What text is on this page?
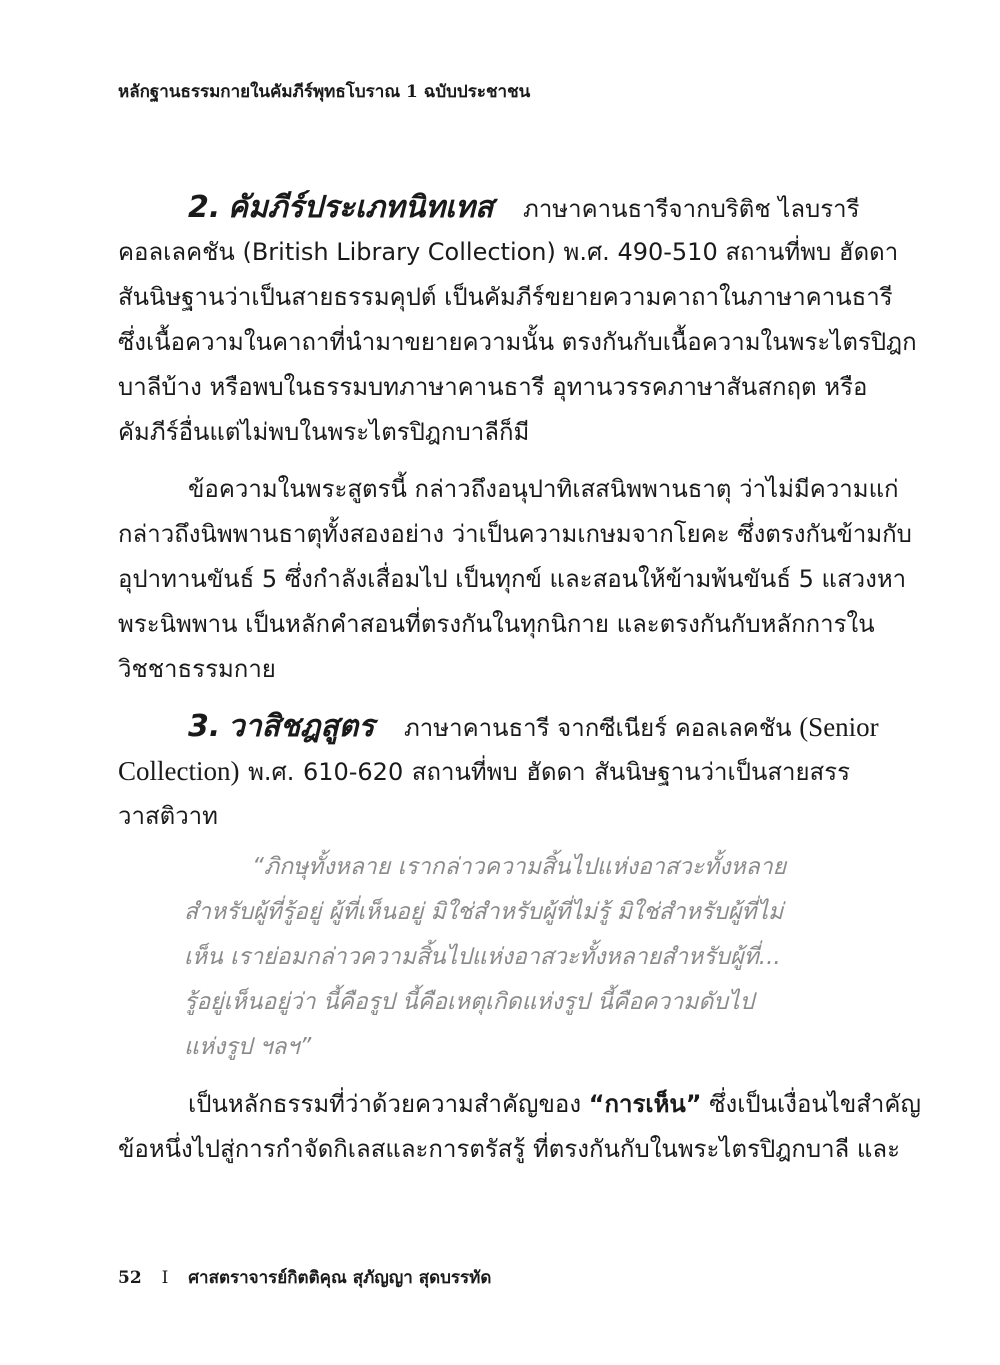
หลักฐานธรรมกายในคัมภีร์พุทธโบราณ 1 ฉบับประชาชน
2. คัมภีร์ประเภทนิทเทส ภาษาคานธารีจากบริติช ไลบรารี
คอลเลคชัน (British Library Collection) พ.ศ. 490-510 สถานที่พบ ฮัดดา
สันนิษฐานว่าเป็นสายธรรมคุปต์ เป็นคัมภีร์ขยายความคาถาในภาษาคานธารี
ซึ่งเนื้อความในคาถาที่นำมาขยายความนั้น ตรงกันกับเนื้อความในพระไตรปิฎก
บาลีบ้าง หรือพบในธรรมบทภาษาคานธารี อุทานวรรคภาษาสันสกฤต หรือ
คัมภีร์อื่นแต่ไม่พบในพระไตรปิฎกบาลีก็มี
ข้อความในพระสูตรนี้ กล่าวถึงอนุปาทิเสสนิพพานธาตุ ว่าไม่มีความแก่
กล่าวถึงนิพพานธาตุทั้งสองอย่าง ว่าเป็นความเกษมจากโยคะ ซึ่งตรงกันข้ามกับ
อุปาทานขันธ์ 5 ซึ่งกำลังเสื่อมไป เป็นทุกข์ และสอนให้ข้ามพ้นขันธ์ 5 แสวงหา
พระนิพพาน เป็นหลักคำสอนที่ตรงกันในทุกนิกาย และตรงกันกับหลักการใน
วิชชาธรรมกาย
3. วาสิชฎสูตร ภาษาคานธารี จากซีเนียร์ คอลเลคชัน (Senior
Collection) พ.ศ. 610-620 สถานที่พบ ฮัดดา สันนิษฐานว่าเป็นสายสรร
วาสติวาท
“ภิกษุทั้งหลาย เรากล่าวความสิ้นไปแห่งอาสวะทั้งหลาย
สำหรับผู้ที่รู้อยู่ ผู้ที่เห็นอยู่ มิใช่สำหรับผู้ที่ไม่รู้ มิใช่สำหรับผู้ที่ไม่
เห็น เราย่อมกล่าวความสิ้นไปแห่งอาสวะทั้งหลายสำหรับผู้ที่...
รู้อยู่เห็นอยู่ว่า นี้คือรูป นี้คือเหตุเกิดแห่งรูป นี้คือความดับไป
แห่งรูป ฯลฯ”
เป็นหลักธรรมที่ว่าด้วยความสำคัญของ “การเห็น” ซึ่งเป็นเงื่อนไขสำคัญ
ข้อหนึ่งไปสู่การกำจัดกิเลสและการตรัสรู้ ที่ตรงกันกับในพระไตรปิฎกบาลี และ
52 I ศาสตราจารย์กิตติคุณ สุภัญญา สุดบรรทัด
